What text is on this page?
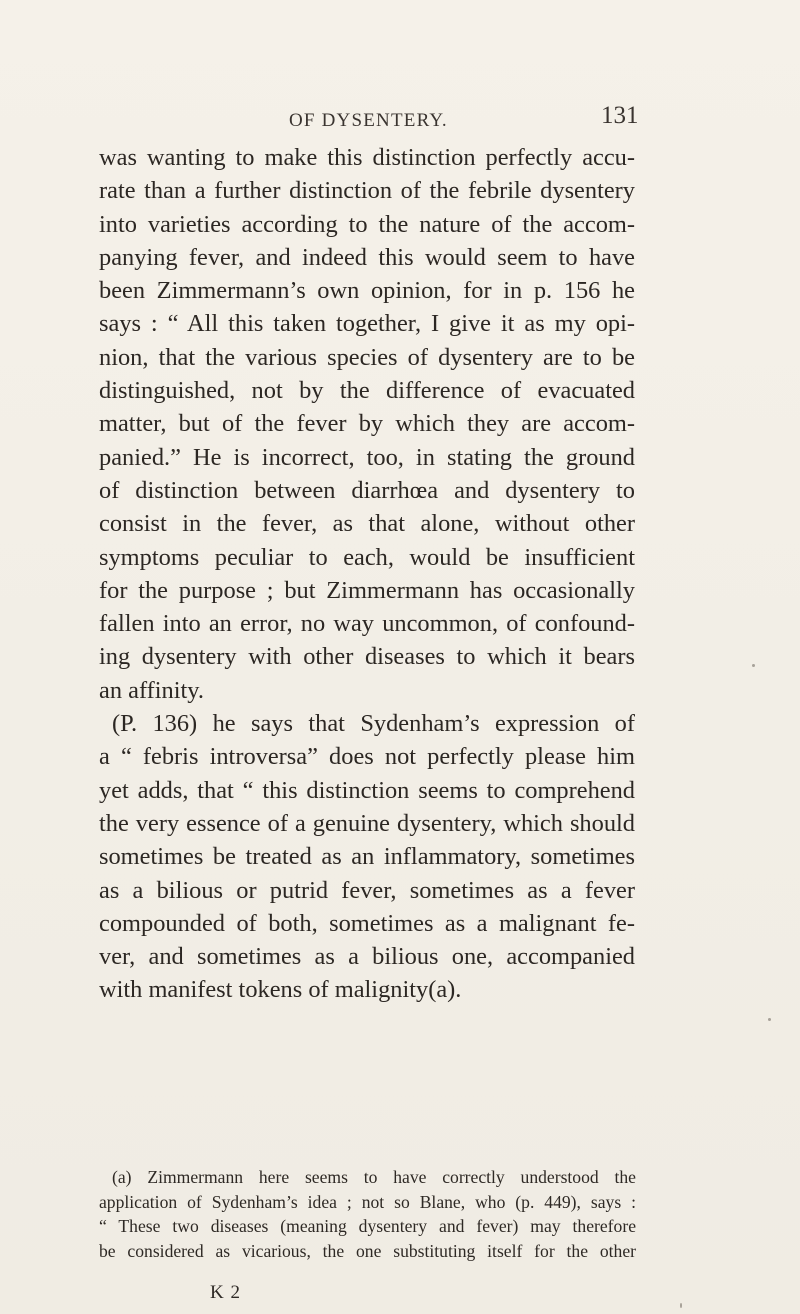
OF DYSENTERY.	131
was wanting to make this distinction perfectly accu-
rate than a further distinction of the febrile dysentery
into varieties according to the nature of the accom-
panying fever, and indeed this would seem to have
been Zimmermann’s own opinion, for in p. 156 he
says : “ All this taken together, I give it as my opi-
nion, that the various species of dysentery are to be
distinguished, not by the difference of evacuated
matter, but of the fever by which they are accom-
panied.” He is incorrect, too, in stating the ground
of distinction between diarrhœa and dysentery to
consist in the fever, as that alone, without other
symptoms peculiar to each, would be insufficient
for the purpose ; but Zimmermann has occasionally
fallen into an error, no way uncommon, of confound-
ing dysentery with other diseases to which it bears
an affinity.
(P. 136) he says that Sydenham’s expression of
a “ febris introversa” does not perfectly please him
yet adds, that “ this distinction seems to comprehend
the very essence of a genuine dysentery, which should
sometimes be treated as an inflammatory, sometimes
as a bilious or putrid fever, sometimes as a fever
compounded of both, sometimes as a malignant fe-
ver, and sometimes as a bilious one, accompanied
with manifest tokens of malignity(a).
(a) Zimmermann here seems to have correctly understood the
application of Sydenham’s idea ; not so Blane, who (p. 449), says :
“ These two diseases (meaning dysentery and fever) may therefore
be considered as vicarious, the one substituting itself for the other
K 2
